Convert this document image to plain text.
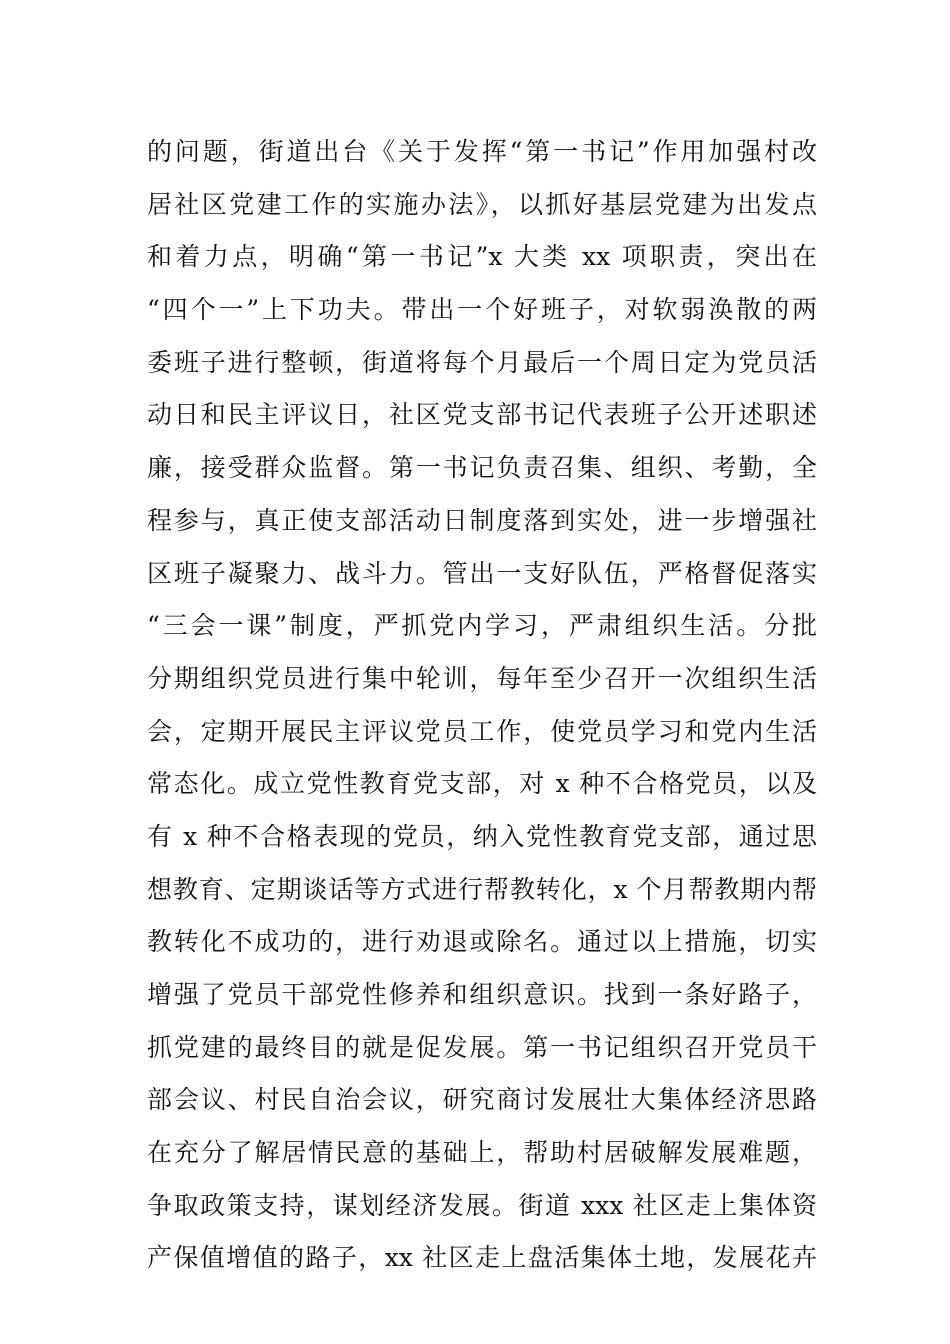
的问题，街道出台《关于发挥“第一书记”作用加强村改
居社区党建工作的实施办法》，以抓好基层党建为出发点
和着力点，明确“第一书记”x 大类 xx 项职责，突出在
“四个一”上下功夫。带出一个好班子，对软弱涣散的两
委班子进行整顿，街道将每个月最后一个周日定为党员活
动日和民主评议日，社区党支部书记代表班子公开述职述
廉，接受群众监督。第一书记负责召集、组织、考勤，全
程参与，真正使支部活动日制度落到实处，进一步增强社
区班子凝聚力、战斗力。管出一支好队伍，严格督促落实
“三会一课”制度，严抓党内学习，严肃组织生活。分批
分期组织党员进行集中轮训，每年至少召开一次组织生活
会，定期开展民主评议党员工作，使党员学习和党内生活
常态化。成立党性教育党支部，对 x 种不合格党员，以及
有 x 种不合格表现的党员，纳入党性教育党支部，通过思
想教育、定期谈话等方式进行帮教转化，x 个月帮教期内帮
教转化不成功的，进行劝退或除名。通过以上措施，切实
增强了党员干部党性修养和组织意识。找到一条好路子，
抓党建的最终目的就是促发展。第一书记组织召开党员干
部会议、村民自治会议，研究商讨发展壮大集体经济思路
在充分了解居情民意的基础上，帮助村居破解发展难题，
争取政策支持，谋划经济发展。街道 xxx 社区走上集体资
产保值增值的路子，xx 社区走上盘活集体土地，发展花卉
